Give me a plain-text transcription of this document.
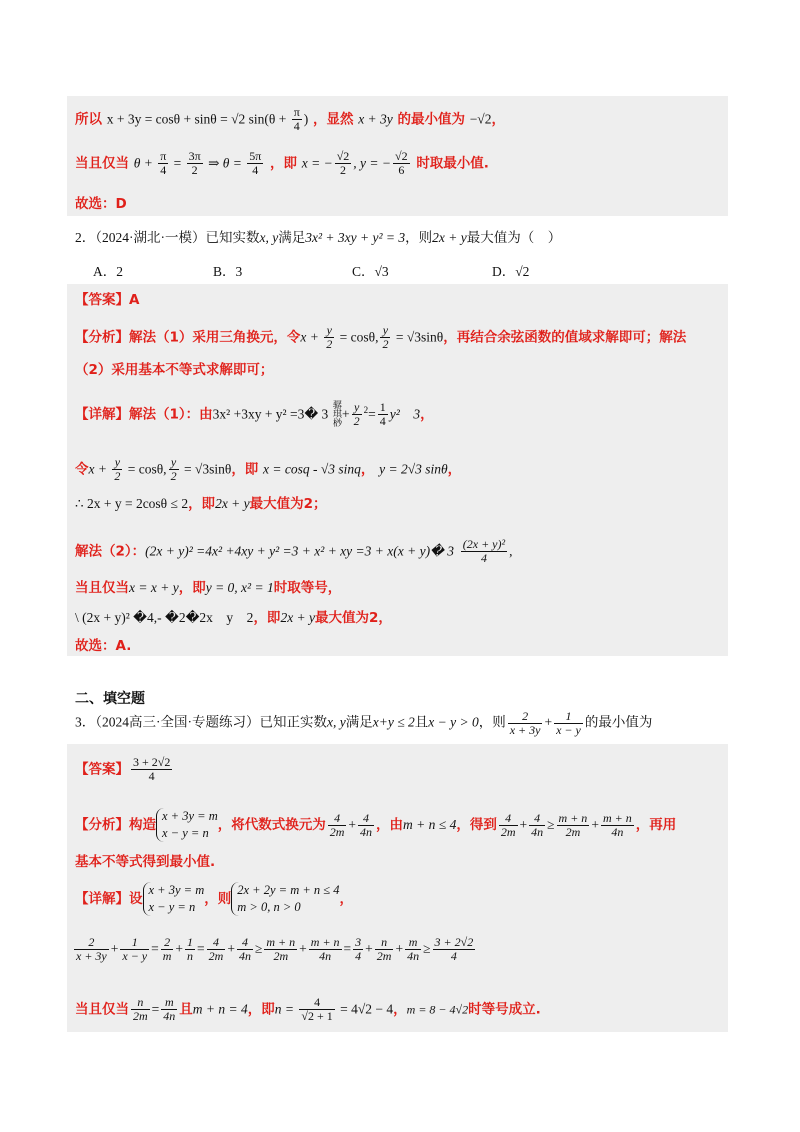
所以 x + 3y = cosθ + sinθ = √2 $\sin(\theta + \frac{\pi}{4}$ ) ，显然 x + 3y 的最小值为 −√2，
当且仅当 $\theta + \frac{\pi}{4} = \frac{3\pi}{2}$ ⇒ $\theta = \frac{5\pi}{4}$ ，即 x = − $\frac{√2}{2}$ , y = − $\frac{√2}{6}$ 时取最小值.
故选：D
2．（2024·湖北·一模）已知实数x, y满足3x² + 3xy + y² = 3，则2x + y最大值为（　）
A．2	B．3	C．√3	D．√2
【答案】A
【分析】解法（1）采用三角换元，令$x + \frac{y}{2} = \cos\theta$, $\frac{y}{2} = √3\sin\theta$，再结合余弦函数的值域求解即可；解法
（2）采用基本不等式求解即可；
【详解】解法（1）：由3x² +3xy + y² =3� 3 骣
琪
桫+ $\frac{y}{2} ^2= \frac{1}{4} y^2$　3，
令$x + \frac{y}{2} = \cos\theta$, $\frac{y}{2} = √3\sin\theta$，即 x = cosq - √3 sinq， y = 2√3 sinθ，
∴ 2x + y = 2cosθ ≤ 2，即2x + y最大值为2；
解法（2）：(2x + y)² =4x² +4xy + y² =3 + x² + xy =3 + x(x + y)� $3 \frac{\text{(2x + y)²}}{4}$ ,
当且仅当x = x + y，即y = 0, x² = 1时取等号，
\ (2x + y)² �4,- �2�2x　y　2，即2x + y最大值为2，
故选：A.
二、填空题
3．（2024高三·全国·专题练习）已知正实数x, y满足x+y ≤ 2且x − y > 0，则 $\frac{2}{x + 3y} + \frac{1}{x - y}$ 的最小值为
【答案】 $\frac{3 + 2√2}{4}$
【分析】构造
x + 3y = m
x − y = n ，将代数式换元为 $\frac{4}{2m} + \frac{4}{4n}$ ，由m + n ≤ 4，得到 $\frac{4}{2m} + \frac{4}{4n} \ge \frac{m + n}{2m} + \frac{m + n}{4n}$ ，再用
基本不等式得到最小值.
【详解】设
x + 3y = m
x − y = n ，则
2x + 2y = m + n ≤ 4
m > 0, n > 0	，
$\frac{2}{x + 3y} + \frac{1}{x - y} = \frac{2}{m} + \frac{1}{n} = \frac{4}{2m} + \frac{4}{4n} \ge \frac{m + n}{2m} + \frac{m + n}{4n} = \frac{3}{4} + \frac{n}{2m} + \frac{m}{4n} \ge \frac{3 + 2√2}{4}$
当且仅当 $\frac{n}{2m} = \frac{m}{4n}$ 且m + n = 4，即$n = \frac{4}{√2 + 1} = 4√2 - 4$，m = 8 − 4√2时等号成立.
